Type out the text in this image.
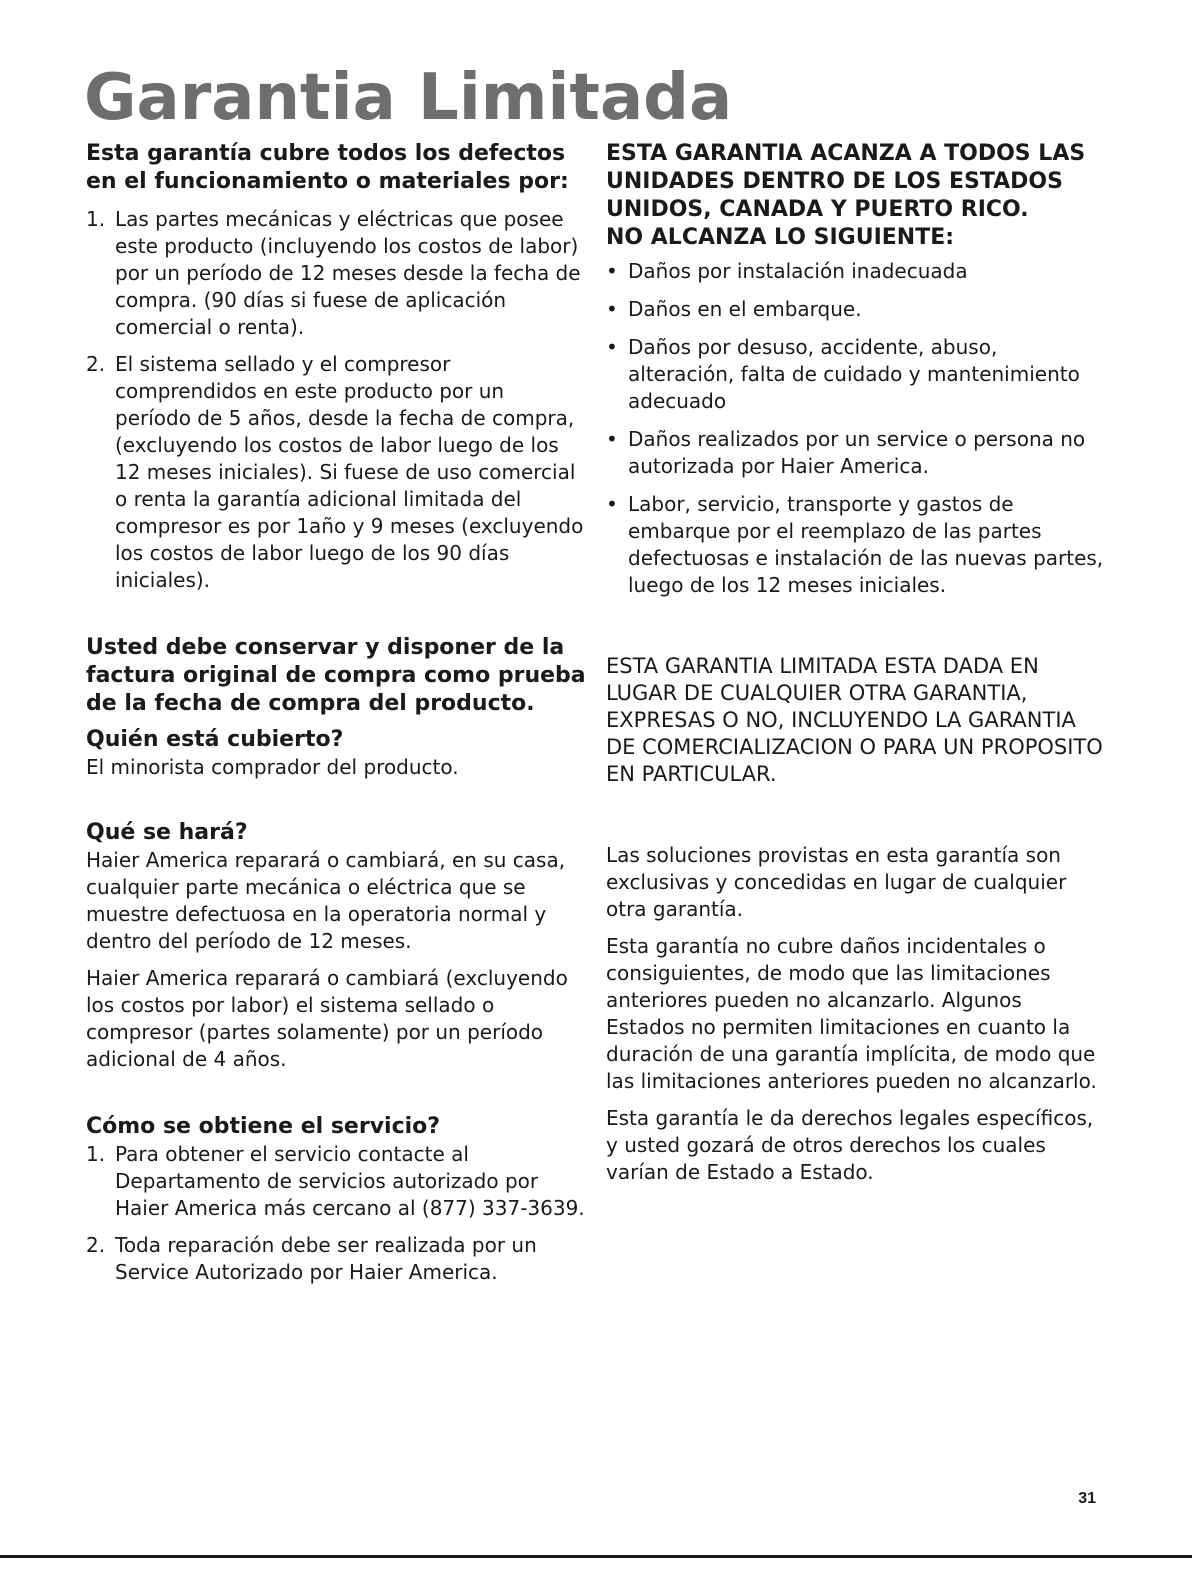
Garantia Limitada

Esta garantía cubre todos los defectos en el funcionamiento o materiales por:

1. Las partes mecánicas y eléctricas que posee este producto (incluyendo los costos de labor) por un período de 12 meses desde la fecha de compra. (90 días si fuese de aplicación comercial o renta).
2. El sistema sellado y el compresor comprendidos en este producto por un período de 5 años, desde la fecha de compra, (excluyendo los costos de labor luego de los 12 meses iniciales). Si fuese de uso comercial o renta la garantía adicional limitada del compresor es por 1año y 9 meses (excluyendo los costos de labor luego de los 90 días iniciales).

Usted debe conservar y disponer de la factura original de compra como prueba de la fecha de compra del producto.

Quién está cubierto?

El minorista comprador del producto.

Qué se hará?

Haier America reparará o cambiará, en su casa, cualquier parte mecánica o eléctrica que se muestre defectuosa en la operatoria normal y dentro del período de 12 meses.

Haier America reparará o cambiará (excluyendo los costos por labor) el sistema sellado o compresor (partes solamente) por un período adicional de 4 años.

Cómo se obtiene el servicio?

1. Para obtener el servicio contacte al Departamento de servicios autorizado por Haier America más cercano al (877) 337-3639.
2. Toda reparación debe ser realizada por un Service Autorizado por Haier America.

ESTA GARANTIA ACANZA A TODOS LAS UNIDADES DENTRO DE LOS ESTADOS UNIDOS, CANADA Y PUERTO RICO.

NO ALCANZA LO SIGUIENTE:

• Daños por instalación inadecuada
• Daños en el embarque.
• Daños por desuso, accidente, abuso, alteración, falta de cuidado y mantenimiento adecuado
• Daños realizados por un service o persona no autorizada por Haier America.
• Labor, servicio, transporte y gastos de embarque por el reemplazo de las partes defectuosas e instalación de las nuevas partes, luego de los 12 meses iniciales.

ESTA GARANTIA LIMITADA ESTA DADA EN LUGAR DE CUALQUIER OTRA GARANTIA, EXPRESAS O NO, INCLUYENDO LA GARANTIA DE COMERCIALIZACION O PARA UN PROPOSITO EN PARTICULAR.

Las soluciones provistas en esta garantía son exclusivas y concedidas en lugar de cualquier otra garantía.

Esta garantía no cubre daños incidentales o consiguientes, de modo que las limitaciones anteriores pueden no alcanzarlo. Algunos Estados no permiten limitaciones en cuanto la duración de una garantía implícita, de modo que las limitaciones anteriores pueden no alcanzarlo.

Esta garantía le da derechos legales específicos, y usted gozará de otros derechos los cuales varían de Estado a Estado.

31
